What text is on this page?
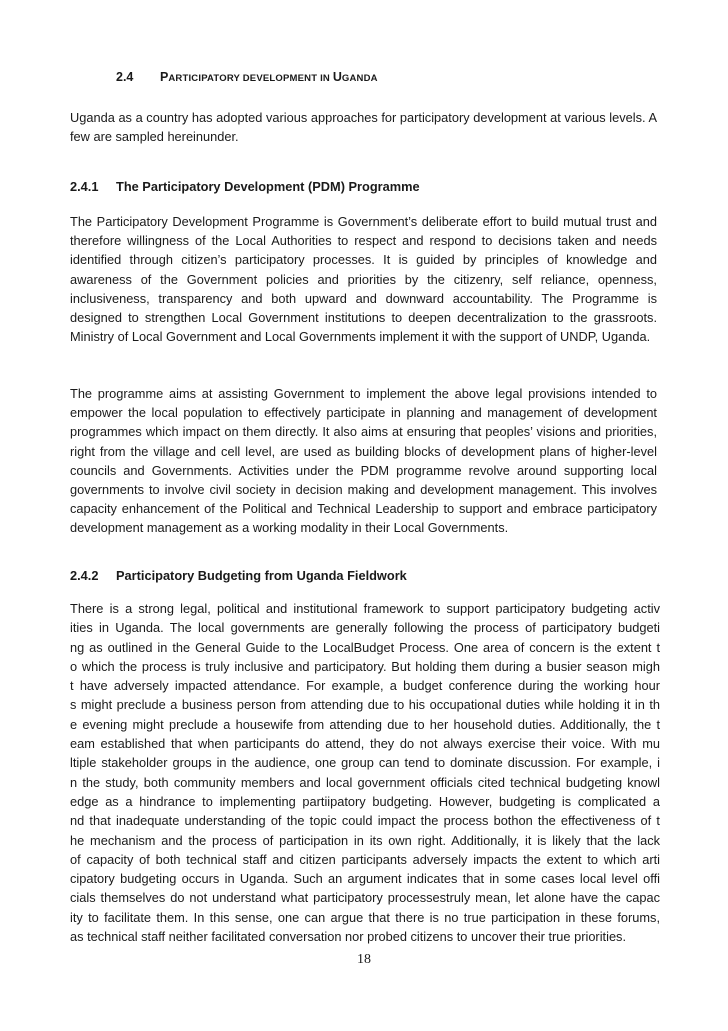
2.4 PARTICIPATORY DEVELOPMENT IN UGANDA

Uganda as a country has adopted various approaches for participatory development at various levels. A few are sampled hereinunder.

2.4.1 The Participatory Development (PDM) Programme

The Participatory Development Programme is Government’s deliberate effort to build mutual trust and therefore willingness of the Local Authorities to respect and respond to decisions taken and needs identified through citizen’s participatory processes. It is guided by principles of knowledge and awareness of the Government policies and priorities by the citizenry, self reliance, openness, inclusiveness, transparency and both upward and downward accountability. The Programme is designed to strengthen Local Government institutions to deepen decentralization to the grassroots. Ministry of Local Government and Local Governments implement it with the support of UNDP, Uganda.

The programme aims at assisting Government to implement the above legal provisions intended to empower the local population to effectively participate in planning and management of development programmes which impact on them directly. It also aims at ensuring that peoples’ visions and priorities, right from the village and cell level, are used as building blocks of development plans of higher-level councils and Governments. Activities under the PDM programme revolve around supporting local governments to involve civil society in decision making and development management. This involves capacity enhancement of the Political and Technical Leadership to support and embrace participatory development management as a working modality in their Local Governments.

2.4.2 Participatory Budgeting from Uganda Fieldwork
There is a strong legal, political and institutional framework to support participatory budgeting activ
ities in Uganda. The local governments are generally following the process of participatory budgeti
ng as outlined in the General Guide to the LocalBudget Process. One area of concern is the extent t
o which the process is truly inclusive and participatory. But holding them during a busier season migh
t have adversely impacted attendance. For example, a budget conference during the working hour
s might preclude a business person from attending due to his occupational duties while holding it in th
e evening might preclude a housewife from attending due to her household duties. Additionally, the t
eam established that when participants do attend, they do not always exercise their voice. With mu
ltiple stakeholder groups in the audience, one group can tend to dominate discussion. For example, i
n the study, both community members and local government officials cited technical budgeting knowl
edge as a hindrance to implementing partiipatory budgeting. However, budgeting is complicated a
nd that inadequate understanding of the topic could impact the process bothon the effectiveness of t
he mechanism and the process of participation in its own right. Additionally, it is likely that the lack
of capacity of both technical staff and citizen participants adversely impacts the extent to which arti
cipatory budgeting occurs in Uganda. Such an argument indicates that in some cases local level offi
cials themselves do not understand what participatory processestruly mean, let alone have the capac
ity to facilitate them. In this sense, one can argue that there is no true participation in these forums,
as technical staff neither facilitated conversation nor probed citizens to uncover their true priorities.
18
